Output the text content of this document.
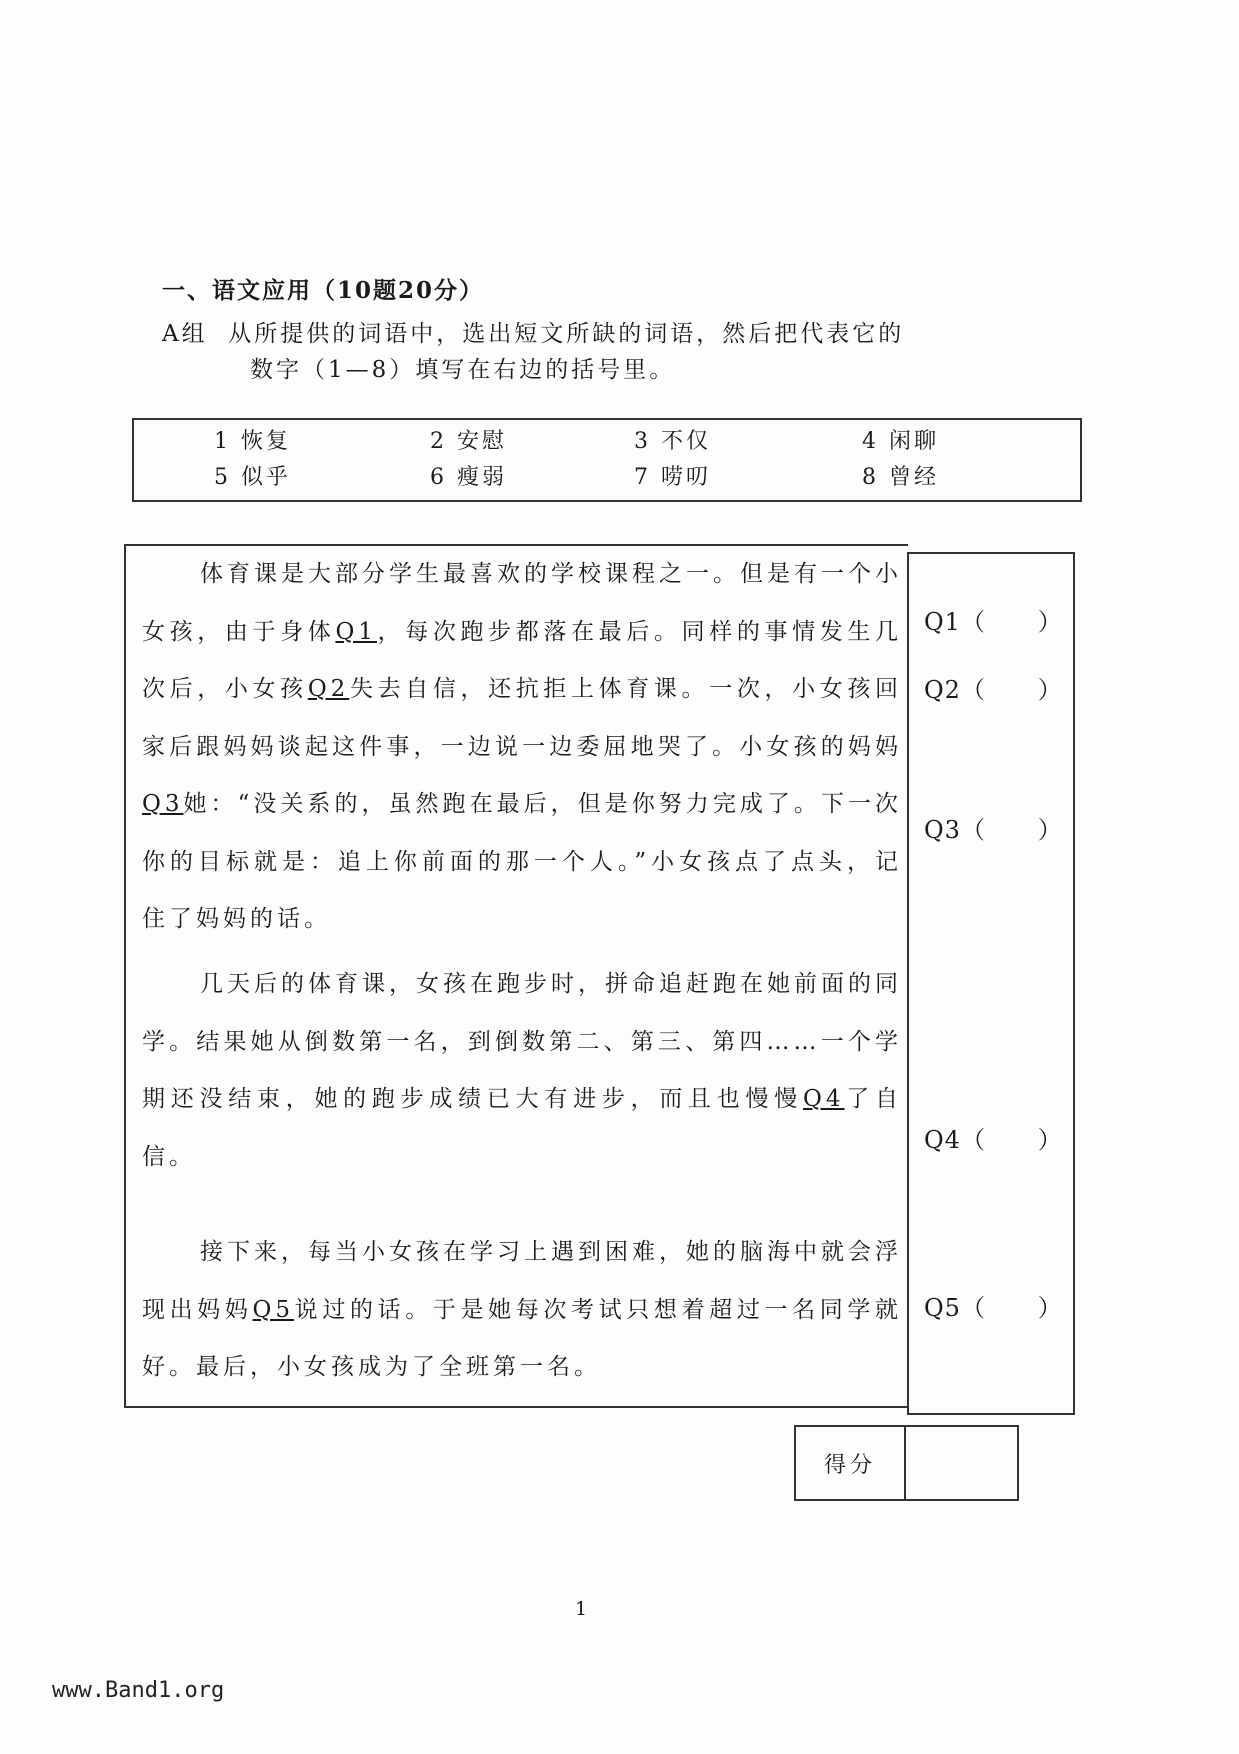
一、语文应用（10题20分）
A组 从所提供的词语中，选出短文所缺的词语，然后把代表它的
数字（1—8）填写在右边的括号里。
1 恢复	2 安慰	3 不仅	4 闲聊
5 似乎	6 瘦弱	7 唠叨	8 曾经
体育课是大部分学生最喜欢的学校课程之一。但是有一个小女孩，由于身体Q1，每次跑步都落在最后。同样的事情发生几次后，小女孩Q2失去自信，还抗拒上体育课。一次，小女孩回家后跟妈妈谈起这件事，一边说一边委屈地哭了。小女孩的妈妈Q3她：“没关系的，虽然跑在最后，但是你努力完成了。下一次你的目标就是：追上你前面的那一个人。”小女孩点了点头，记住了妈妈的话。
几天后的体育课，女孩在跑步时，拼命追赶跑在她前面的同学。结果她从倒数第一名，到倒数第二、第三、第四……一个学期还没结束，她的跑步成绩已大有进步，而且也慢慢Q4了自信。
接下来，每当小女孩在学习上遇到困难，她的脑海中就会浮现出妈妈Q5说过的话。于是她每次考试只想着超过一名同学就好。最后，小女孩成为了全班第一名。
Q1（      ）
Q2（      ）
Q3（      ）
Q4（      ）
Q5（      ）
得分
1
www.Band1.org
